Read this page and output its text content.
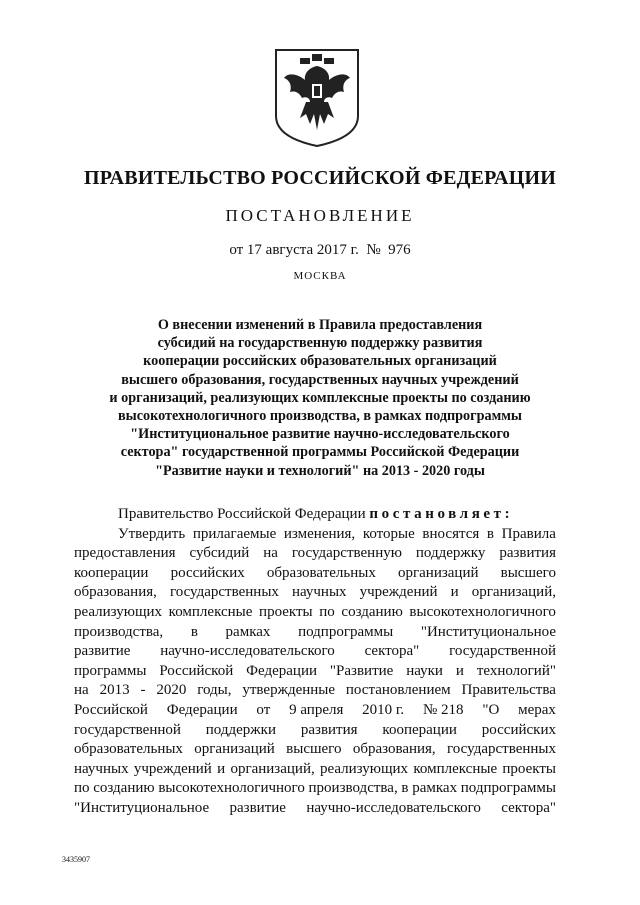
ПРАВИТЕЛЬСТВО РОССИЙСКОЙ ФЕДЕРАЦИИ
ПОСТАНОВЛЕНИЕ
от 17 августа 2017 г. №  976
МОСКВА
О внесении изменений в Правила предоставления
субсидий на государственную поддержку развития
кооперации российских образовательных организаций
высшего образования, государственных научных учреждений
и организаций, реализующих комплексные проекты по созданию
высокотехнологичного производства, в рамках подпрограммы
"Институциональное развитие научно-исследовательского
сектора" государственной программы Российской Федерации
"Развитие науки и технологий" на 2013 - 2020 годы
Правительство Российской Федерации постановляет:
Утвердить прилагаемые изменения, которые вносятся в Правила
предоставления субсидий на государственную поддержку развития
кооперации российских образовательных организаций высшего
образования, государственных научных учреждений и организаций,
реализующих комплексные проекты по созданию высокотехнологичного
производства, в рамках подпрограммы "Институциональное
развитие научно-исследовательского сектора" государственной
программы Российской Федерации "Развитие науки и технологий"
на 2013 - 2020 годы, утвержденные постановлением Правительства
Российской Федерации от 9 апреля 2010 г. № 218 "О мерах
государственной поддержки развития кооперации российских
образовательных организаций высшего образования, государственных
научных учреждений и организаций, реализующих комплексные проекты
по созданию высокотехнологичного производства, в рамках подпрограммы
"Институциональное развитие научно-исследовательского сектора"
3435907
